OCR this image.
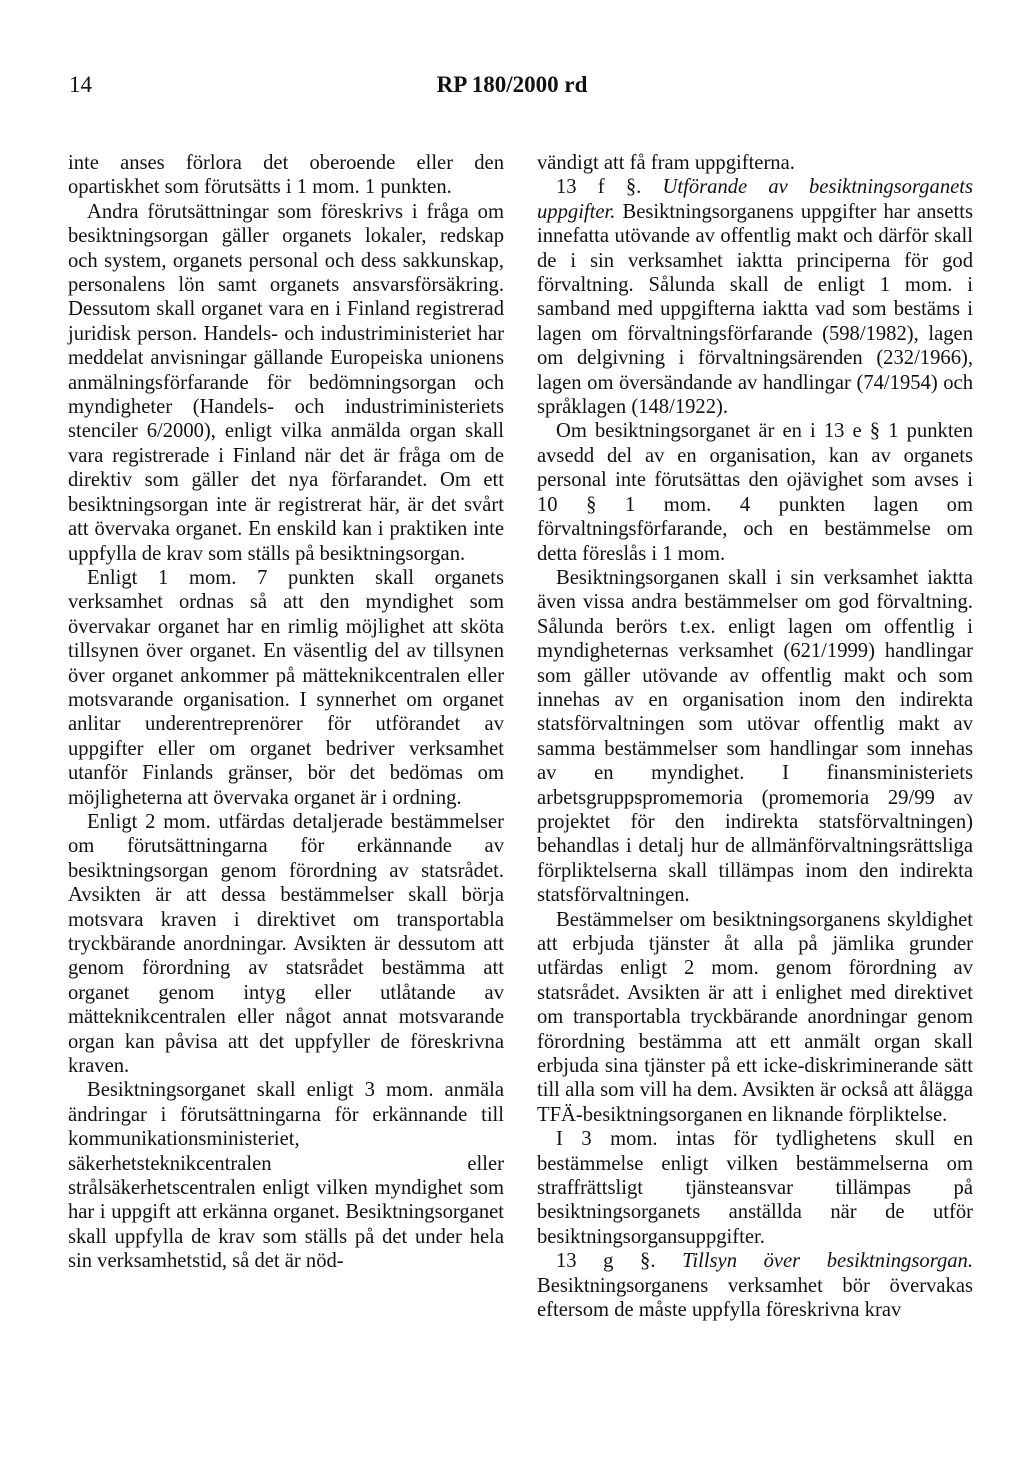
14	RP 180/2000 rd

inte anses förlora det oberoende eller den opartiskhet som förutsätts i 1 mom. 1 punkten.

Andra förutsättningar som föreskrivs i fråga om besiktningsorgan gäller organets lokaler, redskap och system, organets personal och dess sakkunskap, personalens lön samt organets ansvarsförsäkring. Dessutom skall organet vara en i Finland registrerad juridisk person. Handels- och industriministeriet har meddelat anvisningar gällande Europeiska unionens anmälningsförfarande för bedömningsorgan och myndigheter (Handels- och industriministeriets stenciler 6/2000), enligt vilka anmälda organ skall vara registrerade i Finland när det är fråga om de direktiv som gäller det nya förfarandet. Om ett besiktningsorgan inte är registrerat här, är det svårt att övervaka organet. En enskild kan i praktiken inte uppfylla de krav som ställs på besiktningsorgan.

Enligt 1 mom. 7 punkten skall organets verksamhet ordnas så att den myndighet som övervakar organet har en rimlig möjlighet att sköta tillsynen över organet. En väsentlig del av tillsynen över organet ankommer på mätteknikcentralen eller motsvarande organisation. I synnerhet om organet anlitar underentreprenörer för utförandet av uppgifter eller om organet bedriver verksamhet utanför Finlands gränser, bör det bedömas om möjligheterna att övervaka organet är i ordning.

Enligt 2 mom. utfärdas detaljerade bestämmelser om förutsättningarna för erkännande av besiktningsorgan genom förordning av statsrådet. Avsikten är att dessa bestämmelser skall börja motsvara kraven i direktivet om transportabla tryckbärande anordningar. Avsikten är dessutom att genom förordning av statsrådet bestämma att organet genom intyg eller utlåtande av mätteknikcentralen eller något annat motsvarande organ kan påvisa att det uppfyller de föreskrivna kraven.

Besiktningsorganet skall enligt 3 mom. anmäla ändringar i förutsättningarna för erkännande till kommunikationsministeriet, säkerhetsteknikcentralen eller strålsäkerhetscentralen enligt vilken myndighet som har i uppgift att erkänna organet. Besiktningsorganet skall uppfylla de krav som ställs på det under hela sin verksamhetstid, så det är nöd-

vändigt att få fram uppgifterna.

13 f §. Utförande av besiktningsorganets uppgifter. Besiktningsorganens uppgifter har ansetts innefatta utövande av offentlig makt och därför skall de i sin verksamhet iaktta principerna för god förvaltning. Sålunda skall de enligt 1 mom. i samband med uppgifterna iaktta vad som bestäms i lagen om förvaltningsförfarande (598/1982), lagen om delgivning i förvaltningsärenden (232/1966), lagen om översändande av handlingar (74/1954) och språklagen (148/1922).

Om besiktningsorganet är en i 13 e § 1 punkten avsedd del av en organisation, kan av organets personal inte förutsättas den ojävighet som avses i 10 § 1 mom. 4 punkten lagen om förvaltningsförfarande, och en bestämmelse om detta föreslås i 1 mom.

Besiktningsorganen skall i sin verksamhet iaktta även vissa andra bestämmelser om god förvaltning. Sålunda berörs t.ex. enligt lagen om offentlig i myndigheternas verksamhet (621/1999) handlingar som gäller utövande av offentlig makt och som innehas av en organisation inom den indirekta statsförvaltningen som utövar offentlig makt av samma bestämmelser som handlingar som innehas av en myndighet. I finansministeriets arbetsgruppspromemoria (promemoria 29/99 av projektet för den indirekta statsförvaltningen) behandlas i detalj hur de allmänförvaltningsrättsliga förpliktelserna skall tillämpas inom den indirekta statsförvaltningen.

Bestämmelser om besiktningsorganens skyldighet att erbjuda tjänster åt alla på jämlika grunder utfärdas enligt 2 mom. genom förordning av statsrådet. Avsikten är att i enlighet med direktivet om transportabla tryckbärande anordningar genom förordning bestämma att ett anmält organ skall erbjuda sina tjänster på ett icke-diskriminerande sätt till alla som vill ha dem. Avsikten är också att ålägga TFÄ-besiktningsorganen en liknande förpliktelse.

I 3 mom. intas för tydlighetens skull en bestämmelse enligt vilken bestämmelserna om straffrättsligt tjänsteansvar tillämpas på besiktningsorganets anställda när de utför besiktningsorgansuppgifter.

13 g §. Tillsyn över besiktningsorgan. Besiktningsorganens verksamhet bör övervakas eftersom de måste uppfylla föreskrivna krav
